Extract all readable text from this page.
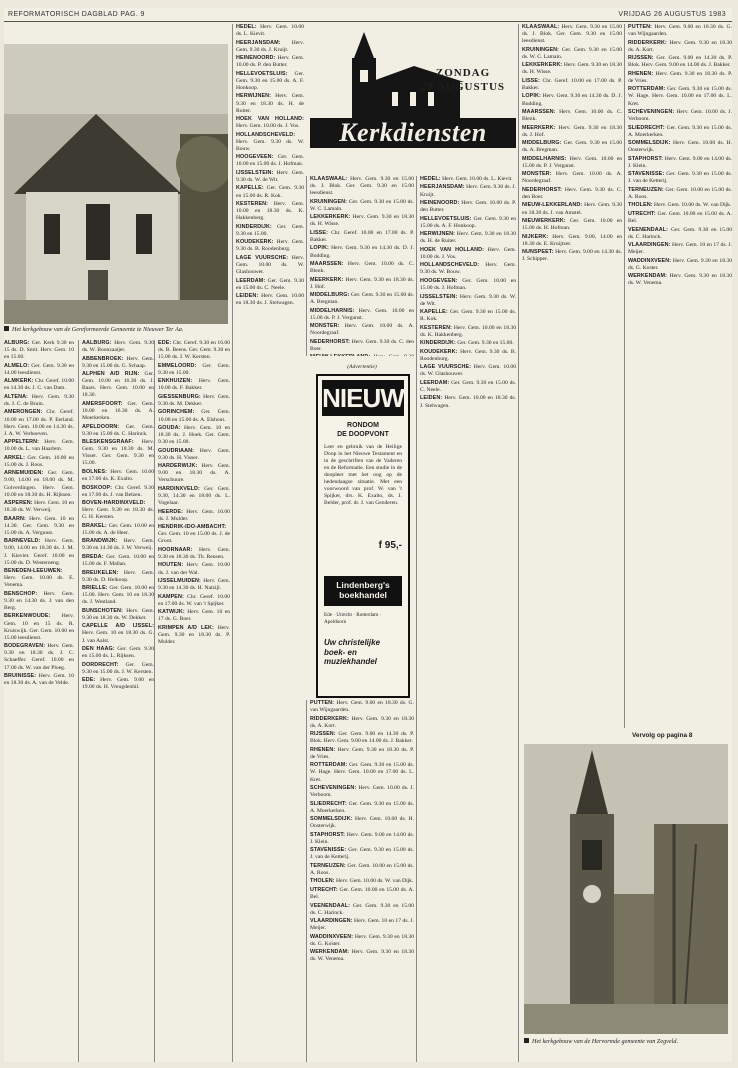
REFORMATORISCH DAGBLAD PAG. 9	VRIJDAG 26 AUGUSTUS 1983
Het kerkgebouw van de Gereformeerde Gemeente te Nieuwer Ter Aa.

ALBURG: Ger. Kerk 9.30 en 15 ds. D. Smit. Herv. Gem. 10 en 15.00.

ALMELO: Ger. Gem. 9.30 en 14.00 leesdienst.

ALMKERK: Chr. Geref. 10.00 en 14.30 ds. J. C. van Dam.

ALTENA: Herv. Gem. 9.30 ds. J. C. de Bruin.

AMERONGEN: Chr. Geref. 10.00 en 17.00 ds. P. Eerland. Herv. Gem. 10.00 en 14.30 ds. J. A. W. Verhoeven.

APPELTERN: Herv. Gem. 10.00 ds. L. van Haarlem.

ARKEL: Ger. Gem. 10.00 en 15.00 ds. J. Roos.

ARNEMUIDEN: Ger. Gem. 9.00, 14.00 en 18.00 ds. M. Golverdingen. Herv. Gem. 10.00 en 18.30 ds. H. Rijksen.

ASPEREN: Herv. Gem. 10 en 18.30 ds. W. Verweij.

BAARN: Herv. Gem. 10 en 14.30. Ger. Gem. 9.30 en 15.00 ds. A. Vergunst.

BARNEVELD: Herv. Gem. 9.00, 14.00 en 18.30 ds. J. M. J. Kieviet. Geref. 10.00 en 15.00 ds. D. Westerneng.

BENEDEN-LEEUWEN: Herv. Gem. 10.00 ds. E. Venema.

BENSCHOP: Herv. Gem. 9.30 en 14.30 ds. J. van den Berg.

BERKENWOUDE: Herv. Gem. 10 en 15 ds. R. Kruiswijk. Ger. Gem. 10.00 en 15.00 leesdienst.

BODEGRAVEN: Herv. Gem. 9.30 en 18.30 ds. J. C. Schaeffer. Geref. 10.00 en 17.00 ds. W. van der Ploeg.

BRUINISSE: Herv. Gem. 10 en 18.30 ds. A. van de Velde.

AALBURG: Herv. Gem. 9.30 ds. W. Boonzaaijer.

ABBENBROEK: Herv. Gem. 9.30 en 15.00 ds. G. Schaap.

ALPHEN A/D RIJN: Ger. Gem. 10.00 en 16.30 ds. J. Baars. Herv. Gem. 10.00 en 18.30.

AMERSFOORT: Ger. Gem. 10.00 en 16.30 ds. A. Moerkerken.

APELDOORN: Ger. Gem. 9.30 en 15.00 ds. C. Harinck.

BLESKENSGRAAF: Herv. Gem. 9.30 en 18.30 ds. M. Visser. Ger. Gem. 9.30 en 15.00.

BOLNES: Herv. Gem. 10.00 en 17.00 ds. K. Exalto.

BOSKOOP: Chr. Geref. 9.30 en 17.00 ds. J. van Belzen.

BOVEN-HARDINXVELD: Herv. Gem. 9.30 en 18.30 ds. G. H. Kersten.

BRAKEL: Ger. Gem. 10.00 en 15.00 ds. A. de Heer.

BRANDWIJK: Herv. Gem. 9.30 en 14.30 ds. J. W. Verweij.

BREDA: Ger. Gem. 10.00 en 15.00 ds. F. Mallan.

BREUKELEN: Herv. Gem. 9.30 ds. D. Heikoop.

BRIELLE: Ger. Gem. 10.00 en 15.00. Herv. Gem. 10 en 18.30 ds. J. Westland.

BUNSCHOTEN: Herv. Gem. 9.30 en 18.30 ds. W. Dekker.

CAPELLE A/D IJSSEL: Herv. Gem. 10 en 18.30 ds. G. J. van Aalst.

DEN HAAG: Ger. Gem. 9.30 en 15.00 ds. L. Rijksen.

DORDRECHT: Ger. Gem. 9.30 en 15.00 ds. J. W. Kersten.

EDE: Herv. Gem. 9.00 en 19.00 ds. H. Vreugdenhil.

EDE: Chr. Geref. 9.30 en 16.00 ds. B. Beens. Ger. Gem. 9.30 en 15.00 ds. J. W. Kersten.

EMMELOORD: Ger. Gem. 9.30 en 15.00.

ENKHUIZEN: Herv. Gem. 10.00 ds. F. Bakker.

GIESSENBURG: Herv. Gem. 9.30 ds. M. Dekker.

GORINCHEM: Ger. Gem. 10.00 en 15.00 ds. A. Elshout.

GOUDA: Herv. Gem. 10 en 18.30 ds. J. Hoek. Ger. Gem. 9.30 en 15.00.

GOUDRIAAN: Herv. Gem. 9.30 ds. H. Visser.

HARDERWIJK: Herv. Gem. 9.00 en 18.30 ds. A. Verschuure.

HARDINXVELD: Ger. Gem. 9.30, 14.30 en 18.00 ds. L. Vogelaar.

HEERDE: Herv. Gem. 10.00 ds. J. Mulder.

HENDRIK-IDO-AMBACHT: Ger. Gem. 10 en 15.00 ds. J. de Groot.

HOORNAAR: Herv. Gem. 9.30 en 18.30 ds. Th. Rensen.

HOUTEN: Herv. Gem. 10.00 ds. J. van der Wal.

IJSSELMUIDEN: Herv. Gem. 9.30 en 14.30 ds. H. Natzijl.

KAMPEN: Chr. Geref. 10.00 en 17.00 ds. W. van 't Spijker.

KATWIJK: Herv. Gem. 10 en 17 ds. G. Boer.

KRIMPEN A/D LEK: Herv. Gem. 9.30 en 18.30 ds. P. Mulder.

HEDEL: Herv. Gem. 10.00 ds. L. Kievit.

HEERJANSDAM: Herv. Gem. 9.30 ds. J. Kruijt.

HEINENOORD: Herv. Gem. 10.00 ds. P. den Butter.

HELLEVOETSLUIS: Ger. Gem. 9.30 en 15.00 ds. A. F. Honkoop.

HERWIJNEN: Herv. Gem. 9.30 en 18.30 ds. H. de Ruiter.

HOEK VAN HOLLAND: Herv. Gem. 10.00 ds. J. Vos.

HOLLANDSCHEVELD: Herv. Gem. 9.30 ds. W. Bouw.

HOOGEVEEN: Ger. Gem. 10.00 en 15.00 ds. J. Hofman.

IJSSELSTEIN: Herv. Gem. 9.30 ds. W. de Wit.

KAPELLE: Ger. Gem. 9.30 en 15.00 ds. R. Kok.

KESTEREN: Herv. Gem. 10.00 en 18.30 ds. K. Hakkenberg.

KINDERDIJK: Ger. Gem. 9.30 en 15.00.

KOUDEKERK: Herv. Gem. 9.30 ds. B. Roodenburg.

LAGE VUURSCHE: Herv. Gem. 10.00 ds. W. Glashouwer.

LEERDAM: Ger. Gem. 9.30 en 15.00 ds. C. Neele.

LEIDEN: Herv. Gem. 10.00 en 18.30 ds. J. Stelwagen.

ZONDAG
28 AUGUSTUS
Kerkdiensten

KLAASWAAL: Herv. Gem. 9.30 en 15.00 ds. J. Blok. Ger. Gem. 9.30 en 15.00 leesdienst.

KRUININGEN: Ger. Gem. 9.30 en 15.00 ds. W. C. Lamain.

LEKKERKERK: Herv. Gem. 9.30 en 18.30 ds. H. Wisse.

LISSE: Chr. Geref. 10.00 en 17.00 ds. P. Bakker.

LOPIK: Herv. Gem. 9.30 en 14.30 ds. D. J. Budding.

MAARSSEN: Herv. Gem. 10.00 ds. C. Blenk.

MEERKERK: Herv. Gem. 9.30 en 18.30 ds. J. Hof.

MIDDELBURG: Ger. Gem. 9.30 en 15.00 ds. A. Bregman.

MIDDELHARNIS: Herv. Gem. 10.00 en 15.00 ds. P. J. Vergunst.

MONSTER: Herv. Gem. 10.00 ds. A. Noordegraaf.

NEDERHORST: Herv. Gem. 9.30 ds. C. den Boer.

(Advertentie)
NIEUW
RONDOM
DE DOOPVONT
Leer en gebruik van de Heilige Doop in het Nieuwe Testament en in de geschriften van de Vaderen en de Reformatie. Een studie in de doopleer met het oog op de hedendaagse situatie. Met een voorwoord van prof. W. van 't Spijker, drs. K. Exalto, ds. J. Belder, prof. dr. J. van Genderen.
f 95,-
Lindenberg's boekhandel
Ede · Utrecht · Rotterdam · Apeldoorn
Uw christelijke boek- en muziekhandel

PUTTEN: Herv. Gem. 9.00 en 18.30 ds. G. van Wijngaarden.

RIDDERKERK: Herv. Gem. 9.30 en 18.30 ds. A. Kort.

RIJSSEN: Ger. Gem. 9.00 en 14.30 ds. P. Blok. Herv. Gem. 9.00 en 14.00 ds. J. Bakker.

RHENEN: Herv. Gem. 9.30 en 18.30 ds. P. de Vries.

ROTTERDAM: Ger. Gem. 9.30 en 15.00 ds. W. Hage. Herv. Gem. 10.00 en 17.00 ds. L. Kret.

SCHEVENINGEN: Herv. Gem. 10.00 ds. J. Verboom.

SLIEDRECHT: Ger. Gem. 9.30 en 15.00 ds. A. Moerkerken.

SOMMELSDIJK: Herv. Gem. 10.00 ds. H. Oosterwijk.

STAPHORST: Herv. Gem. 9.00 en 14.00 ds. J. Klein.

STAVENISSE: Ger. Gem. 9.30 en 15.00 ds. J. van de Ketterij.

TERNEUZEN: Ger. Gem. 10.00 en 15.00 ds. A. Roos.

THOLEN: Herv. Gem. 10.00 ds. W. van Dijk.

UTRECHT: Ger. Gem. 10.00 en 15.00 ds. A. Bel.

VEENENDAAL: Ger. Gem. 9.30 en 15.00 ds. C. Harinck.

VLAARDINGEN: Herv. Gem. 10 en 17 ds. J. Meijer.

WADDINXVEEN: Herv. Gem. 9.30 en 18.30 ds. G. Koster.

WERKENDAM: Herv. Gem. 9.30 en 18.30 ds. W. Venema.

HEDEL: Herv. Gem. 10.00 ds. L. Kievit.

HEERJANSDAM: Herv. Gem. 9.30 ds. J. Kruijt.

HEINENOORD: Herv. Gem. 10.00 ds. P. den Butter.

HELLEVOETSLUIS: Ger. Gem. 9.30 en 15.00 ds. A. F. Honkoop.

HERWIJNEN: Herv. Gem. 9.30 en 18.30 ds. H. de Ruiter.

HOEK VAN HOLLAND: Herv. Gem. 10.00 ds. J. Vos.

HOLLANDSCHEVELD: Herv. Gem. 9.30 ds. W. Bouw.

HOOGEVEEN: Ger. Gem. 10.00 en 15.00 ds. J. Hofman.

IJSSELSTEIN: Herv. Gem. 9.30 ds. W. de Wit.

KAPELLE: Ger. Gem. 9.30 en 15.00 ds. R. Kok.

KESTEREN: Herv. Gem. 10.00 en 18.30 ds. K. Hakkenberg.

KINDERDIJK: Ger. Gem. 9.30 en 15.00.

KOUDEKERK: Herv. Gem. 9.30 ds. B. Roodenburg.

LAGE VUURSCHE: Herv. Gem. 10.00 ds. W. Glashouwer.

LEERDAM: Ger. Gem. 9.30 en 15.00 ds. C. Neele.

LEIDEN: Herv. Gem. 10.00 en 18.30 ds. J. Stelwagen.

KLAASWAAL: Herv. Gem. 9.30 en 15.00 ds. J. Blok. Ger. Gem. 9.30 en 15.00 leesdienst.

KRUININGEN: Ger. Gem. 9.30 en 15.00 ds. W. C. Lamain.

LEKKERKERK: Herv. Gem. 9.30 en 18.30 ds. H. Wisse.

LISSE: Chr. Geref. 10.00 en 17.00 ds. P. Bakker.

LOPIK: Herv. Gem. 9.30 en 14.30 ds. D. J. Budding.

MAARSSEN: Herv. Gem. 10.00 ds. C. Blenk.

MEERKERK: Herv. Gem. 9.30 en 18.30 ds. J. Hof.

MIDDELBURG: Ger. Gem. 9.30 en 15.00 ds. A. Bregman.

MIDDELHARNIS: Herv. Gem. 10.00 en 15.00 ds. P. J. Vergunst.

MONSTER: Herv. Gem. 10.00 ds. A. Noordegraaf.

NEDERHORST: Herv. Gem. 9.30 ds. C. den Boer.

NIEUW-LEKKERLAND: Herv. Gem. 9.30 en 18.30 ds. J. van Amstel.

NIEUWERKERK: Ger. Gem. 10.00 en 15.00 ds. H. Hofman.

NIJKERK: Herv. Gem. 9.00, 14.00 en 18.30 ds. E. Kruijtzer.

NUNSPEET: Herv. Gem. 9.00 en 14.30 ds. J. Schipper.

PUTTEN: Herv. Gem. 9.00 en 18.30 ds. G. van Wijngaarden.

RIDDERKERK: Herv. Gem. 9.30 en 18.30 ds. A. Kort.

RIJSSEN: Ger. Gem. 9.00 en 14.30 ds. P. Blok. Herv. Gem. 9.00 en 14.00 ds. J. Bakker.

RHENEN: Herv. Gem. 9.30 en 18.30 ds. P. de Vries.

ROTTERDAM: Ger. Gem. 9.30 en 15.00 ds. W. Hage. Herv. Gem. 10.00 en 17.00 ds. L. Kret.

SCHEVENINGEN: Herv. Gem. 10.00 ds. J. Verboom.

SLIEDRECHT: Ger. Gem. 9.30 en 15.00 ds. A. Moerkerken.

SOMMELSDIJK: Herv. Gem. 10.00 ds. H. Oosterwijk.

STAPHORST: Herv. Gem. 9.00 en 14.00 ds. J. Klein.

STAVENISSE: Ger. Gem. 9.30 en 15.00 ds. J. van de Ketterij.

TERNEUZEN: Ger. Gem. 10.00 en 15.00 ds. A. Roos.

THOLEN: Herv. Gem. 10.00 ds. W. van Dijk.

UTRECHT: Ger. Gem. 10.00 en 15.00 ds. A. Bel.

VEENENDAAL: Ger. Gem. 9.30 en 15.00 ds. C. Harinck.

VLAARDINGEN: Herv. Gem. 10 en 17 ds. J. Meijer.

WADDINXVEEN: Herv. Gem. 9.30 en 18.30 ds. G. Koster.

WERKENDAM: Herv. Gem. 9.30 en 18.30 ds. W. Venema.

Vervolg op pagina 8
Het kerkgebouw van de Hervormde gemeente van Zegveld.
